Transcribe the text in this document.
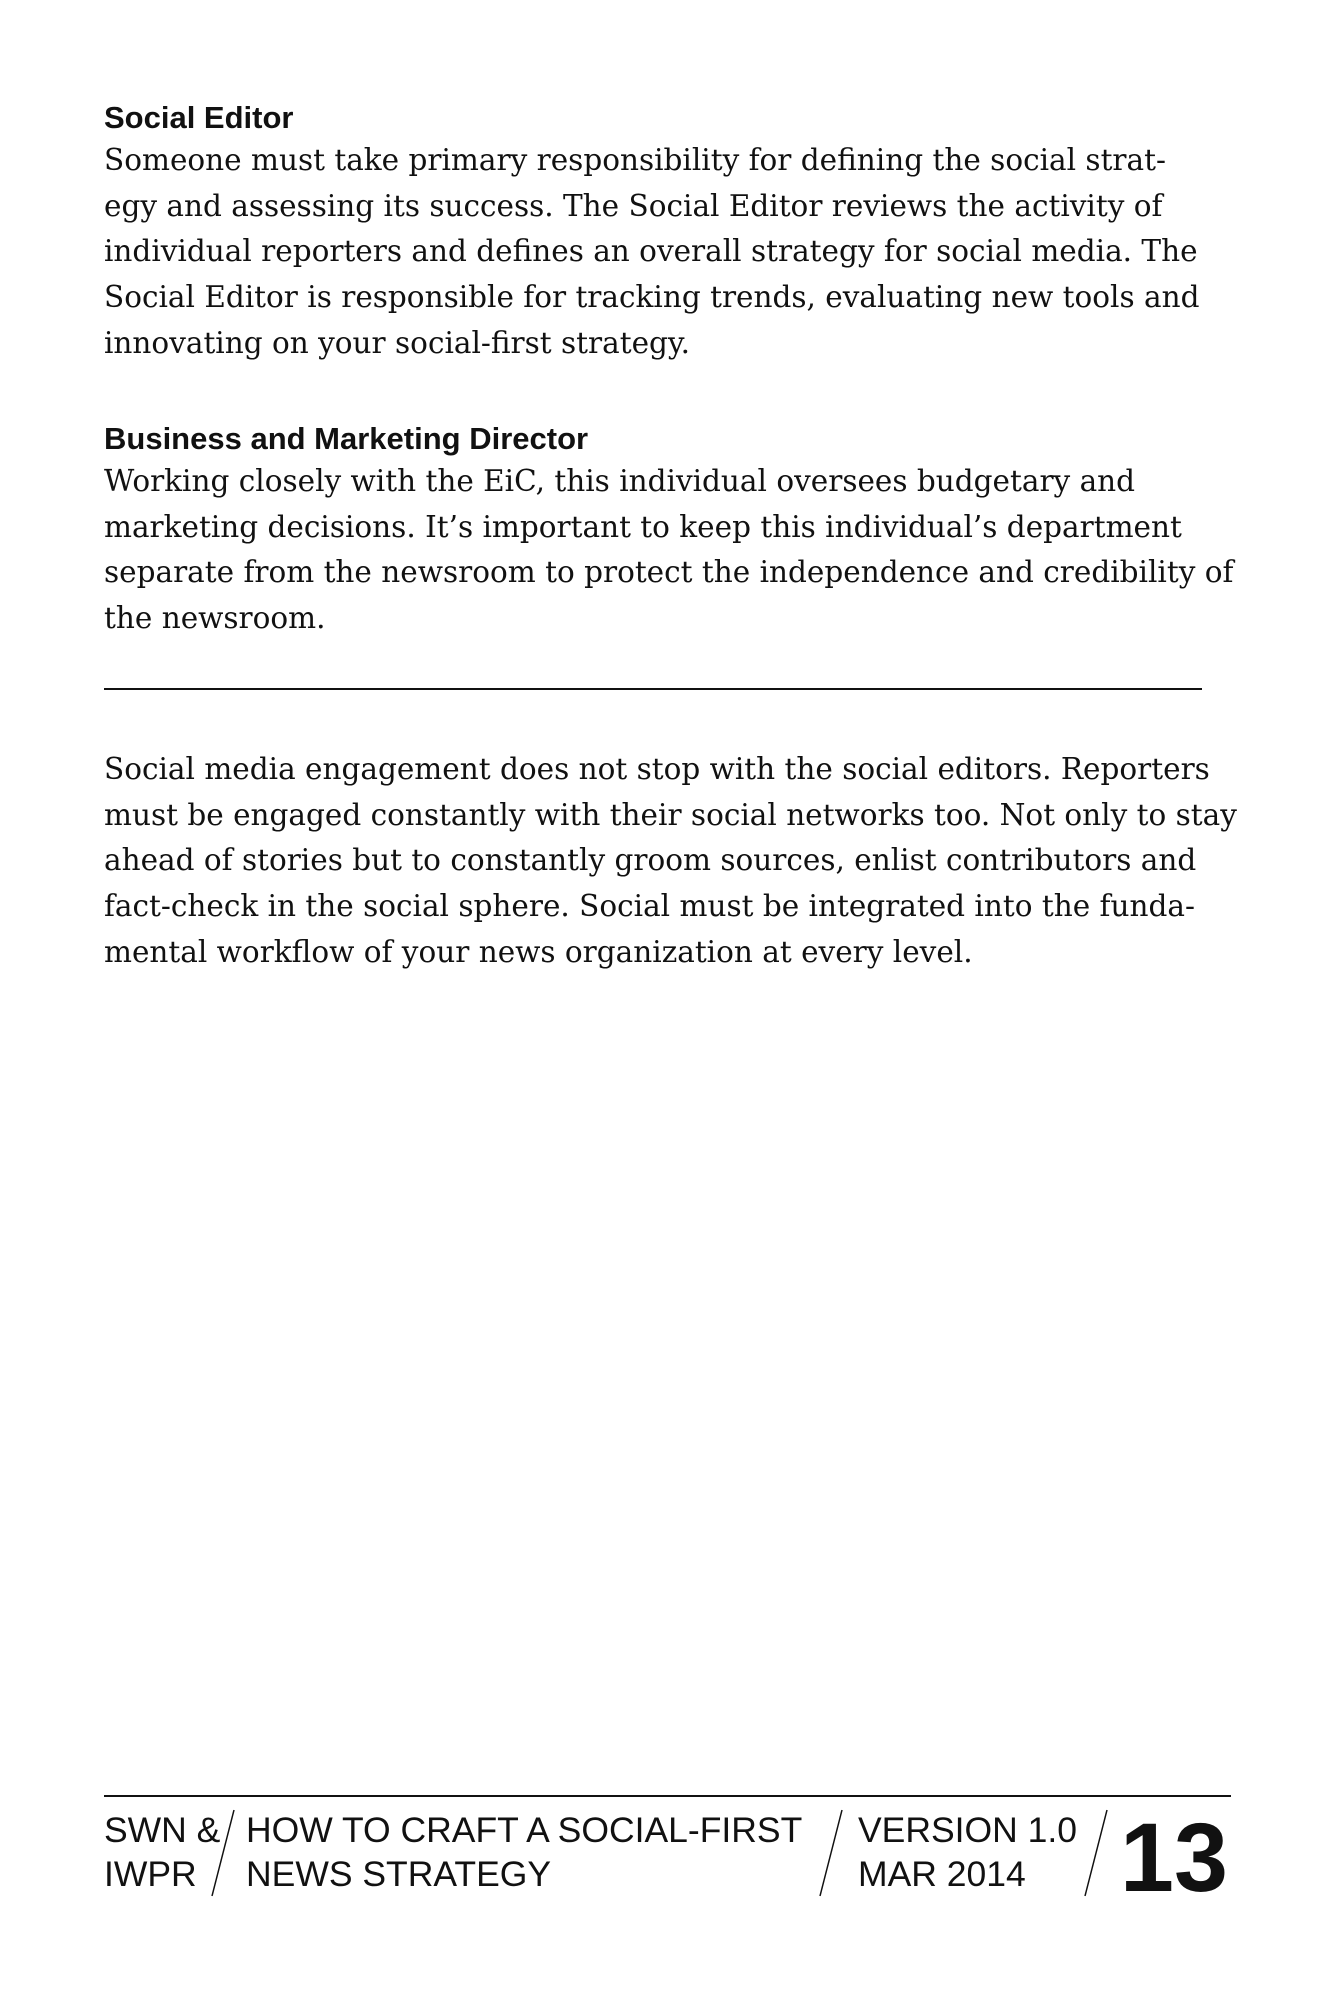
Social Editor

Someone must take primary responsibility for defining the social strat-

egy and assessing its success. The Social Editor reviews the activity of

individual reporters and defines an overall strategy for social media. The

Social Editor is responsible for tracking trends, evaluating new tools and

innovating on your social-first strategy.

Business and Marketing Director

Working closely with the EiC, this individual oversees budgetary and

marketing decisions. It’s important to keep this individual’s department

separate from the newsroom to protect the independence and credibility of

the newsroom.

Social media engagement does not stop with the social editors. Reporters

must be engaged constantly with their social networks too. Not only to stay

ahead of stories but to constantly groom sources, enlist contributors and

fact-check in the social sphere. Social must be integrated into the funda-

mental workflow of your news organization at every level.

SWN &
IWPR
HOW TO CRAFT A SOCIAL-FIRST
NEWS STRATEGY
VERSION 1.0
MAR 2014 13
